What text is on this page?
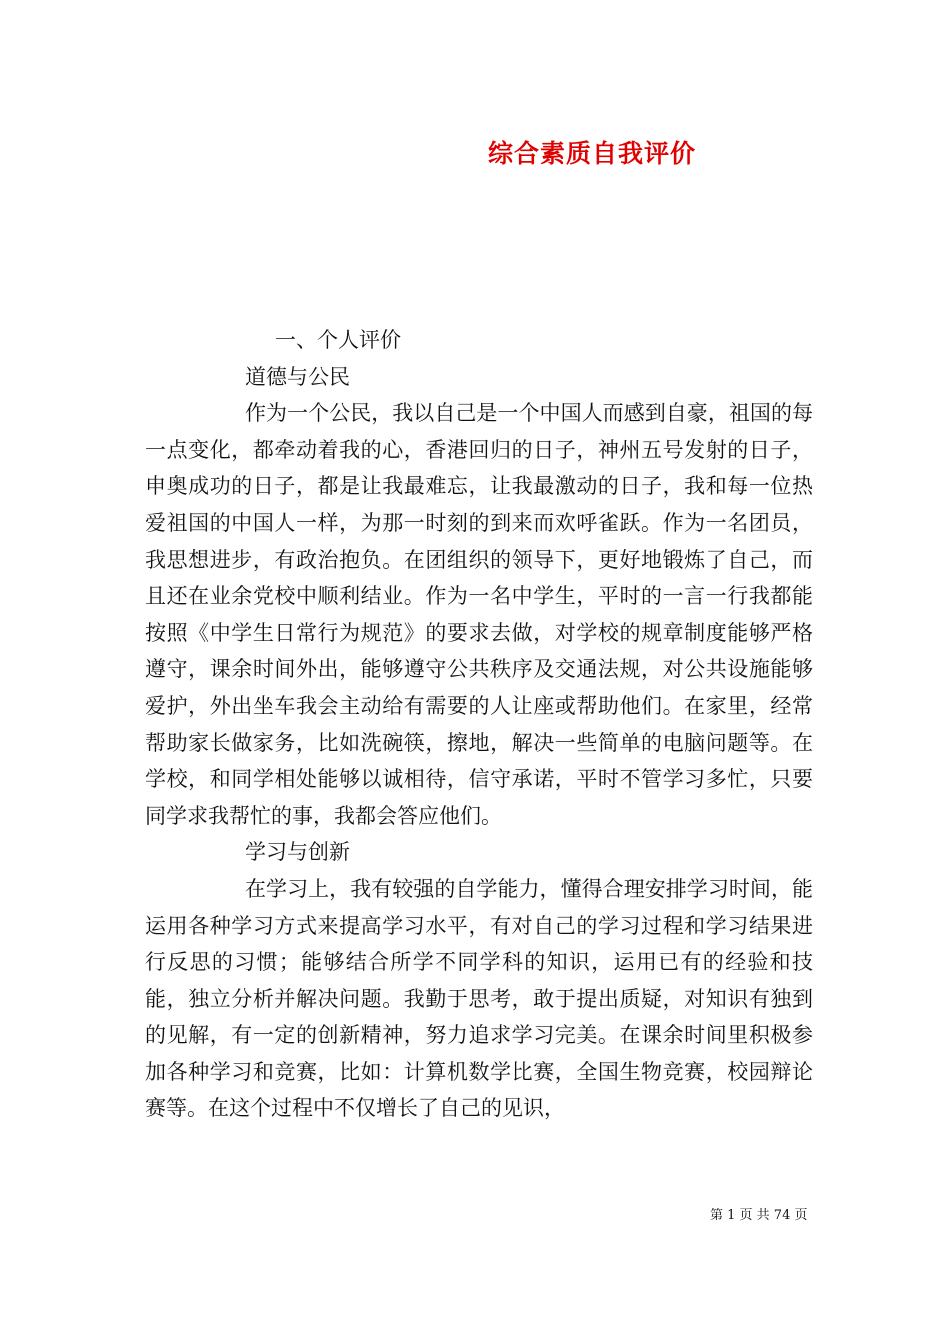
综合素质自我评价

一、个人评价

道德与公民

作为一个公民，我以自己是一个中国人而感到自豪，祖国的每一点变化，都牵动着我的心，香港回归的日子，神州五号发射的日子，申奥成功的日子，都是让我最难忘，让我最激动的日子，我和每一位热爱祖国的中国人一样，为那一时刻的到来而欢呼雀跃。作为一名团员，我思想进步，有政治抱负。在团组织的领导下，更好地锻炼了自己，而且还在业余党校中顺利结业。作为一名中学生，平时的一言一行我都能按照《中学生日常行为规范》的要求去做，对学校的规章制度能够严格遵守，课余时间外出，能够遵守公共秩序及交通法规，对公共设施能够爱护，外出坐车我会主动给有需要的人让座或帮助他们。在家里，经常帮助家长做家务，比如洗碗筷，擦地，解决一些简单的电脑问题等。在学校，和同学相处能够以诚相待，信守承诺，平时不管学习多忙，只要同学求我帮忙的事，我都会答应他们。

学习与创新

在学习上，我有较强的自学能力，懂得合理安排学习时间，能运用各种学习方式来提高学习水平，有对自己的学习过程和学习结果进行反思的习惯；能够结合所学不同学科的知识，运用已有的经验和技能，独立分析并解决问题。我勤于思考，敢于提出质疑，对知识有独到的见解，有一定的创新精神，努力追求学习完美。在课余时间里积极参加各种学习和竞赛，比如：计算机数学比赛，全国生物竞赛，校园辩论赛等。在这个过程中不仅增长了自己的见识，

第 1 页 共 74 页
